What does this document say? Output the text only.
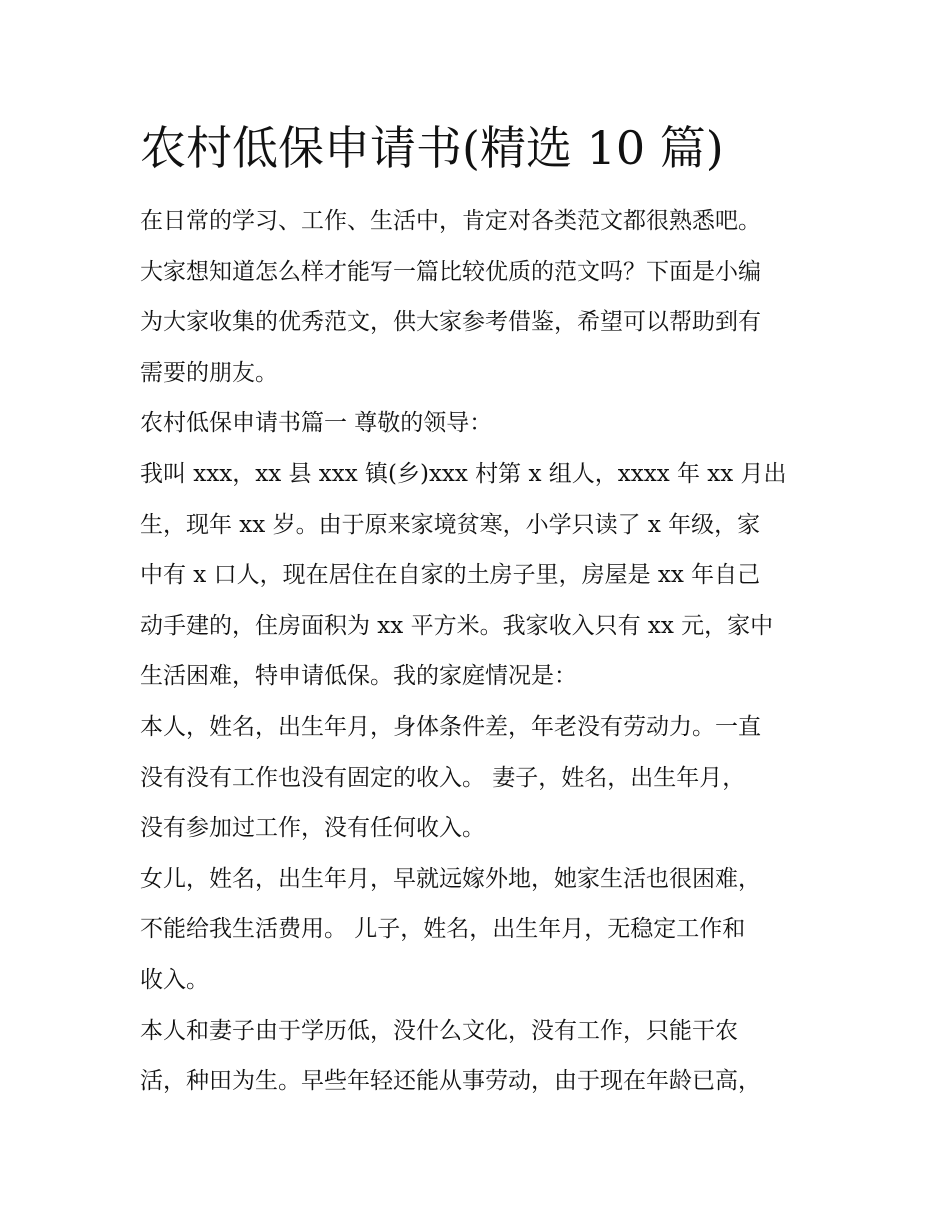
农村低保申请书(精选 10 篇)
在日常的学习、工作、生活中，肯定对各类范文都很熟悉吧。
大家想知道怎么样才能写一篇比较优质的范文吗？下面是小编
为大家收集的优秀范文，供大家参考借鉴，希望可以帮助到有
需要的朋友。
农村低保申请书篇一 尊敬的领导：
我叫 xxx，xx 县 xxx 镇(乡)xxx 村第 x 组人，xxxx 年 xx 月出
生，现年 xx 岁。由于原来家境贫寒，小学只读了 x 年级，家
中有 x 口人，现在居住在自家的土房子里，房屋是 xx 年自己
动手建的，住房面积为 xx 平方米。我家收入只有 xx 元，家中
生活困难，特申请低保。我的家庭情况是：
本人，姓名，出生年月，身体条件差，年老没有劳动力。一直
没有没有工作也没有固定的收入。 妻子，姓名，出生年月，
没有参加过工作，没有任何收入。
女儿，姓名，出生年月，早就远嫁外地，她家生活也很困难，
不能给我生活费用。 儿子，姓名，出生年月，无稳定工作和
收入。
本人和妻子由于学历低，没什么文化，没有工作，只能干农
活，种田为生。早些年轻还能从事劳动，由于现在年龄已高，
